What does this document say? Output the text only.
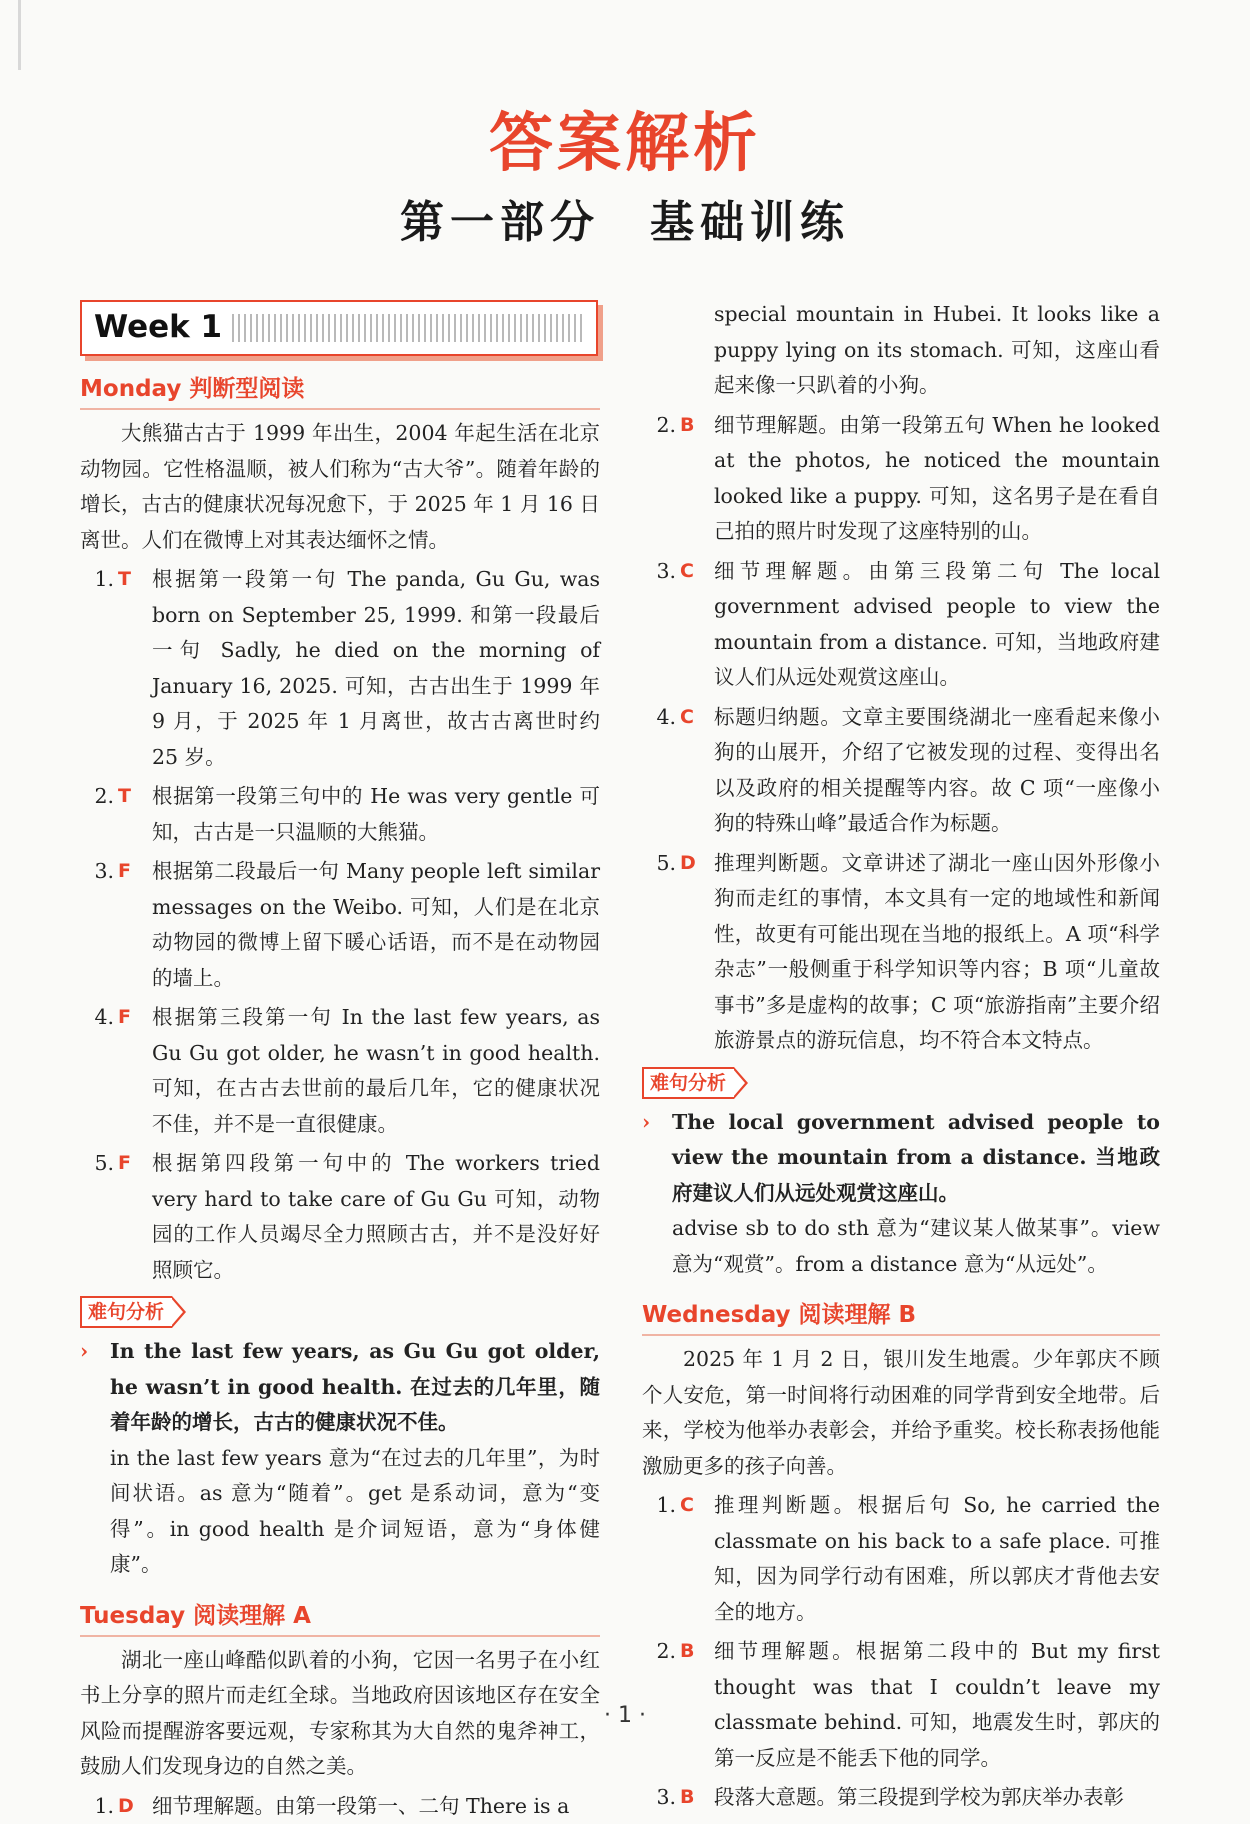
答案解析
第一部分　基础训练
Week 1
Monday 判断型阅读

大熊猫古古于 1999 年出生，2004 年起生活在北京动物园。它性格温顺，被人们称为“古大爷”。随着年龄的增长，古古的健康状况每况愈下，于 2025 年 1 月 16 日离世。人们在微博上对其表达缅怀之情。

1. T	根据第一段第一句 The panda, Gu Gu, was born on September 25, 1999. 和第一段最后一句 Sadly, he died on the morning of January 16, 2025. 可知，古古出生于 1999 年 9 月，于 2025 年 1 月离世，故古古离世时约 25 岁。
2. T	根据第一段第三句中的 He was very gentle 可知，古古是一只温顺的大熊猫。
3. F	根据第二段最后一句 Many people left similar messages on the Weibo. 可知，人们是在北京动物园的微博上留下暖心话语，而不是在动物园的墙上。
4. F	根据第三段第一句 In the last few years, as Gu Gu got older, he wasn’t in good health. 可知，在古古去世前的最后几年，它的健康状况不佳，并不是一直很健康。
5. F	根据第四段第一句中的 The workers tried very hard to take care of Gu Gu 可知，动物园的工作人员竭尽全力照顾古古，并不是没好好照顾它。
难句分析
›	In the last few years, as Gu Gu got older, he wasn’t in good health. 在过去的几年里，随着年龄的增长，古古的健康状况不佳。
in the last few years 意为“在过去的几年里”，为时间状语。as 意为“随着”。get 是系动词，意为“变得”。in good health 是介词短语，意为“身体健康”。
Tuesday 阅读理解 A

湖北一座山峰酷似趴着的小狗，它因一名男子在小红书上分享的照片而走红全球。当地政府因该地区存在安全风险而提醒游客要远观，专家称其为大自然的鬼斧神工，鼓励人们发现身边的自然之美。

1. D 细节理解题。由第一段第一、二句 There is a
special mountain in Hubei. It looks like a puppy lying on its stomach. 可知，这座山看起来像一只趴着的小狗。
2. B 细节理解题。由第一段第五句 When he looked at the photos, he noticed the mountain looked like a puppy. 可知，这名男子是在看自己拍的照片时发现了这座特别的山。
3. C 细节理解题。由第三段第二句 The local government advised people to view the mountain from a distance. 可知，当地政府建议人们从远处观赏这座山。
4. C 标题归纳题。文章主要围绕湖北一座看起来像小狗的山展开，介绍了它被发现的过程、变得出名以及政府的相关提醒等内容。故 C 项“一座像小狗的特殊山峰”最适合作为标题。
5. D 推理判断题。文章讲述了湖北一座山因外形像小狗而走红的事情，本文具有一定的地域性和新闻性，故更有可能出现在当地的报纸上。A 项“科学杂志”一般侧重于科学知识等内容；B 项“儿童故事书”多是虚构的故事；C 项“旅游指南”主要介绍旅游景点的游玩信息，均不符合本文特点。
难句分析
›	The local government advised people to view the mountain from a distance. 当地政府建议人们从远处观赏这座山。
advise sb to do sth 意为“建议某人做某事”。view 意为“观赏”。from a distance 意为“从远处”。
Wednesday 阅读理解 B

2025 年 1 月 2 日，银川发生地震。少年郭庆不顾个人安危，第一时间将行动困难的同学背到安全地带。后来，学校为他举办表彰会，并给予重奖。校长称表扬他能激励更多的孩子向善。

1. C 推理判断题。根据后句 So, he carried the classmate on his back to a safe place. 可推知，因为同学行动有困难，所以郭庆才背他去安全的地方。
2. B 细节理解题。根据第二段中的 But my first thought was that I couldn’t leave my classmate behind. 可知，地震发生时，郭庆的第一反应是不能丢下他的同学。
3. B 段落大意题。第三段提到学校为郭庆举办表彰
· 1 ·
